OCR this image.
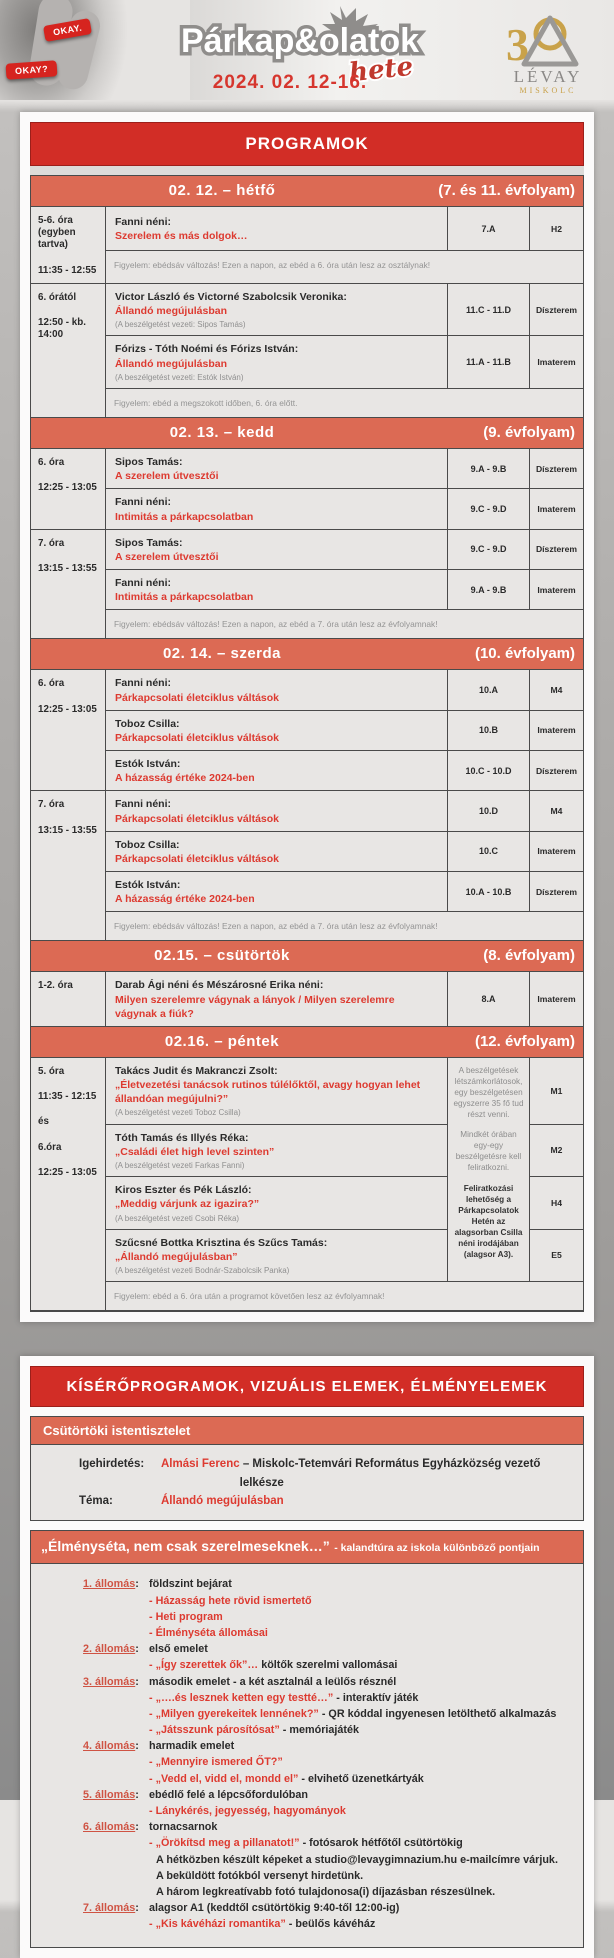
OKAY.
OKAY?
Párkap&olatok
hete
2024. 02. 12-16.
3
LÉVAY
MISKOLC
PROGRAMOK
02. 12. – hétfő	(7. és 11. évfolyam)
5-6. óra
(egyben tartva)
11:35 - 12:55
Fanni néni:
Szerelem és más dolgok…
7.A	H2
Figyelem: ebédsáv változás! Ezen a napon, az ebéd a 6. óra után lesz az osztálynak!
6. órától
12:50 - kb. 14:00
Victor László és Victorné Szabolcsik Veronika:
Állandó megújulásban
(A beszélgetést vezeti: Sipos Tamás)
11.C - 11.D	Díszterem
Fórizs - Tóth Noémi és Fórizs István:
Állandó megújulásban
(A beszélgetést vezeti: Estók István)
11.A - 11.B	Imaterem
Figyelem: ebéd a megszokott időben, 6. óra előtt.
02. 13. – kedd	(9. évfolyam)
6. óra
12:25 - 13:05
Sipos Tamás:
A szerelem útvesztői
9.A - 9.B	Díszterem
Fanni néni:
Intimitás a párkapcsolatban
9.C - 9.D	Imaterem
7. óra
13:15 - 13:55
Sipos Tamás:
A szerelem útvesztői
9.C - 9.D	Díszterem
Fanni néni:
Intimitás a párkapcsolatban
9.A - 9.B	Imaterem
Figyelem: ebédsáv változás! Ezen a napon, az ebéd a 7. óra után lesz az évfolyamnak!
02. 14. – szerda	(10. évfolyam)
6. óra
12:25 - 13:05
Fanni néni:
Párkapcsolati életciklus váltások
10.A	M4
Toboz Csilla:
Párkapcsolati életciklus váltások
10.B	Imaterem
Estók István:
A házasság értéke 2024-ben
10.C - 10.D	Díszterem
7. óra
13:15 - 13:55
Fanni néni:
Párkapcsolati életciklus váltások
10.D	M4
Toboz Csilla:
Párkapcsolati életciklus váltások
10.C	Imaterem
Estók István:
A házasság értéke 2024-ben
10.A - 10.B	Díszterem
Figyelem: ebédsáv változás! Ezen a napon, az ebéd a 7. óra után lesz az évfolyamnak!
02.15. – csütörtök	(8. évfolyam)
1-2. óra	Darab Ági néni és Mészárosné Erika néni:
Milyen szerelemre vágynak a lányok / Milyen szerelemre vágynak a fiúk?
8.A	Imaterem
02.16. – péntek	(12. évfolyam)
5. óra
11:35 - 12:15
és
6.óra
12:25 - 13:05
Takács Judit és Makranczi Zsolt:
„Életvezetési tanácsok rutinos túlélőktől, avagy hogyan lehet állandóan megújulni?”
(A beszélgetést vezeti Toboz Csilla)
M1
Tóth Tamás és Illyés Réka:
„Családi élet high level szinten”
(A beszélgetést vezeti Farkas Fanni)
M2
Kiros Eszter és Pék László:
„Meddig várjunk az igazira?”
(A beszélgetést vezeti Csobi Réka)
H4
Szűcsné Bottka Krisztina és Szűcs Tamás:
„Állandó megújulásban”
(A beszélgetést vezeti Bodnár-Szabolcsik Panka)
E5

A beszélgetések létszámkorlátosok, egy beszélgetésen egyszerre 35 fő tud részt venni.

Mindkét órában egy-egy beszélgetésre kell feliratkozni.

Feliratkozási lehetőség a Párkapcsolatok Hetén az alagsorban Csilla néni irodájában (alagsor A3).

Figyelem: ebéd a 6. óra után a programot követően lesz az évfolyamnak!
KÍSÉRŐPROGRAMOK, VIZUÁLIS ELEMEK, ÉLMÉNYELEMEK
Csütörtöki istentisztelet
Igehirdetés:	Almási Ferenc – Miskolc-Tetemvári Református Egyházközség vezető lelkésze
Téma:	Állandó megújulásban
„Élményséta, nem csak szerelmeseknek…” - kalandtúra az iskola különböző pontjain
1. állomás: földszint bejárat
- Házasság hete rövid ismertető
- Heti program
- Élményséta állomásai
2. állomás: első emelet
- „Így szerettek ők”… költők szerelmi vallomásai
3. állomás: második emelet - a két asztalnál a leülős résznél
- „….és lesznek ketten egy testté…” - interaktív játék
- „Milyen gyerekeitek lennének?” - QR kóddal ingyenesen letölthető alkalmazás
- „Játsszunk párosítósat” - memóriajáték
4. állomás: harmadik emelet
- „Mennyire ismered ŐT?”
- „Vedd el, vidd el, mondd el” - elvihető üzenetkártyák
5. állomás: ebédlő felé a lépcsőfordulóban
- Lánykérés, jegyesség, hagyományok
6. állomás: tornacsarnok
- „Örökítsd meg a pillanatot!” - fotósarok hétfőtől csütörtökig
A hétközben készült képeket a studio@levaygimnazium.hu e-mailcímre várjuk.
A beküldött fotókból versenyt hirdetünk.
A három legkreatívabb fotó tulajdonosa(i) díjazásban részesülnek.
7. állomás: alagsor A1 (keddtől csütörtökig 9:40-től 12:00-ig)
- „Kis kávéházi romantika” - beülős kávéház
